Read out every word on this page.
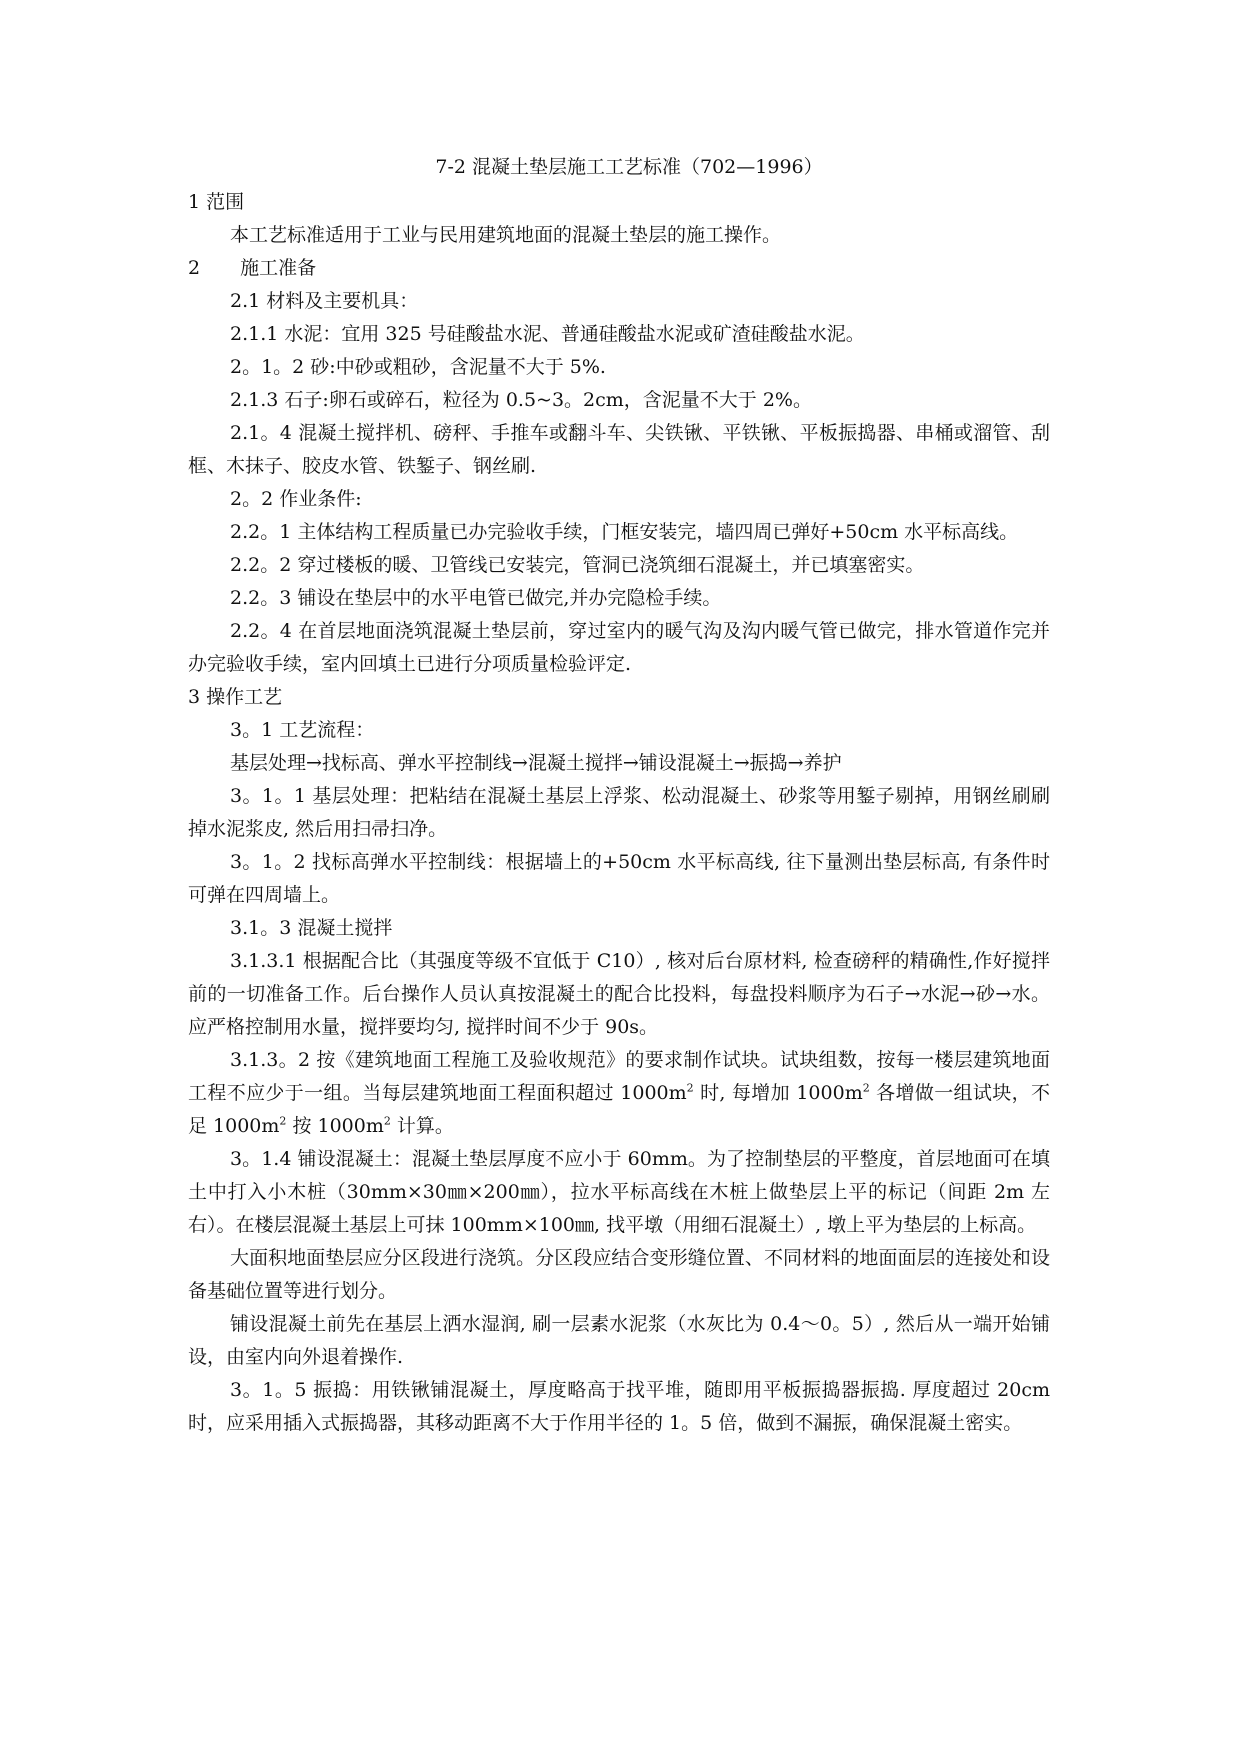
7-2 混凝土垫层施工工艺标准（702—1996）
1 范围
本工艺标准适用于工业与民用建筑地面的混凝土垫层的施工操作。
2 施工准备
2.1 材料及主要机具：
2.1.1 水泥：宜用 325 号硅酸盐水泥、普通硅酸盐水泥或矿渣硅酸盐水泥。
2。1。2 砂:中砂或粗砂，含泥量不大于 5%.
2.1.3 石子:卵石或碎石，粒径为 0.5~3。2cm，含泥量不大于 2%。
2.1。4 混凝土搅拌机、磅秤、手推车或翻斗车、尖铁锹、平铁锹、平板振捣器、串桶或溜管、刮框、木抹子、胶皮水管、铁錾子、钢丝刷.
2。2 作业条件:
2.2。1 主体结构工程质量已办完验收手续，门框安装完，墙四周已弹好+50cm 水平标高线。
2.2。2 穿过楼板的暖、卫管线已安装完，管洞已浇筑细石混凝土，并已填塞密实。
2.2。3 铺设在垫层中的水平电管已做完,并办完隐检手续。
2.2。4 在首层地面浇筑混凝土垫层前，穿过室内的暖气沟及沟内暖气管已做完，排水管道作完并办完验收手续，室内回填土已进行分项质量检验评定.
3 操作工艺
3。1 工艺流程：
基层处理→找标高、弹水平控制线→混凝土搅拌→铺设混凝土→振捣→养护
3。1。1 基层处理：把粘结在混凝土基层上浮浆、松动混凝土、砂浆等用錾子剔掉，用钢丝刷刷掉水泥浆皮, 然后用扫帚扫净。
3。1。2 找标高弹水平控制线：根据墙上的+50cm 水平标高线, 往下量测出垫层标高, 有条件时可弹在四周墙上。
3.1。3 混凝土搅拌
3.1.3.1 根据配合比（其强度等级不宜低于 C10）, 核对后台原材料, 检查磅秤的精确性,作好搅拌前的一切准备工作。后台操作人员认真按混凝土的配合比投料，每盘投料顺序为石子→水泥→砂→水。应严格控制用水量，搅拌要均匀, 搅拌时间不少于 90s。
3.1.3。2 按《建筑地面工程施工及验收规范》的要求制作试块。试块组数，按每一楼层建筑地面工程不应少于一组。当每层建筑地面工程面积超过 $1000m^2$ 时, 每增加 $1000m^2$ 各增做一组试块，不足 $1000m^2$ 按 $1000m^2$ 计算。
3。1.4 铺设混凝土：混凝土垫层厚度不应小于 60mm。为了控制垫层的平整度，首层地面可在填土中打入小木桩（30mm×30㎜×200㎜），拉水平标高线在木桩上做垫层上平的标记（间距 2m 左右）。在楼层混凝土基层上可抹 100mm×100㎜, 找平墩（用细石混凝土）, 墩上平为垫层的上标高。
大面积地面垫层应分区段进行浇筑。分区段应结合变形缝位置、不同材料的地面面层的连接处和设备基础位置等进行划分。
铺设混凝土前先在基层上洒水湿润, 刷一层素水泥浆（水灰比为 0.4～0。5）, 然后从一端开始铺设，由室内向外退着操作.
3。1。5 振捣：用铁锹铺混凝土，厚度略高于找平堆，随即用平板振捣器振捣. 厚度超过 20cm 时，应采用插入式振捣器，其移动距离不大于作用半径的 1。5 倍，做到不漏振，确保混凝土密实。
